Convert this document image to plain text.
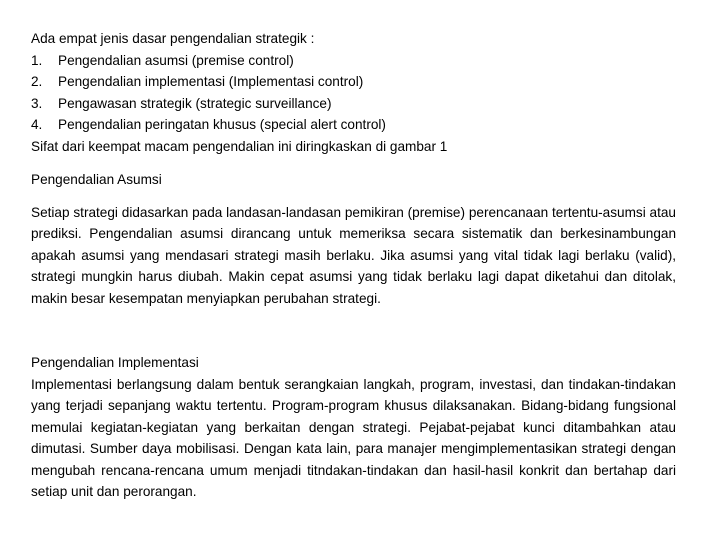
Ada empat jenis dasar pengendalian strategik :
1. Pengendalian asumsi (premise control)
2. Pengendalian implementasi (Implementasi control)
3. Pengawasan strategik (strategic surveillance)
4. Pengendalian peringatan khusus (special alert control)
Sifat dari keempat macam pengendalian ini diringkaskan di gambar 1
Pengendalian Asumsi

Setiap strategi didasarkan pada landasan-landasan pemikiran (premise) perencanaan tertentu-asumsi atau prediksi. Pengendalian asumsi dirancang untuk memeriksa secara sistematik dan berkesinambungan apakah asumsi yang mendasari strategi masih berlaku. Jika asumsi yang vital tidak lagi berlaku (valid), strategi mungkin harus diubah. Makin cepat asumsi yang tidak berlaku lagi dapat diketahui dan ditolak, makin besar kesempatan menyiapkan perubahan strategi.

Pengendalian Implementasi

Implementasi berlangsung dalam bentuk serangkaian langkah, program, investasi, dan tindakan-tindakan yang terjadi sepanjang waktu tertentu. Program-program khusus dilaksanakan. Bidang-bidang fungsional memulai kegiatan-kegiatan yang berkaitan dengan strategi. Pejabat-pejabat kunci ditambahkan atau dimutasi. Sumber daya mobilisasi. Dengan kata lain, para manajer mengimplementasikan strategi dengan mengubah rencana-rencana umum menjadi titndakan-tindakan dan hasil-hasil konkrit dan bertahap dari setiap unit dan perorangan.
